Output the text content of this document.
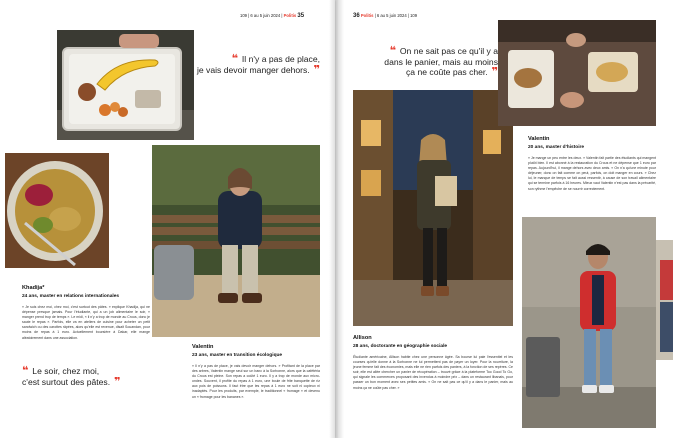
109 | 6 au 5 juin 2024 | Politis 35
❝ Il n'y a pas de place,
je vais devoir manger dehors. ❞
Khadija*
24 ans, master en relations internationales
« Je suis chez moi, chez moi, c'est surtout des pâtes. » explique Khadija, qui ne dépense presque jamais. Pour l'étudiante, qui a un job alimentaire le soir, « manger prend trop de temps ». Le midi, « il n'y a trop de monde au Crous, donc je saute le repas ». Parfois, elle va en ateliers de cuisine pour acheter un petit sandwich ou des carottes râpées, alors qu'elle est revenue, disait Souandan, pour moins de repas à 1 euro. Actuellement boursière à Dakar, elle mange aléatoirement dans une association.
❝ Le soir, chez moi,
c'est surtout des pâtes. ❞
Valentin
23 ans, master en transition écologique
« Il n'y a pas de place, je vais devoir manger dehors. » Profitant de la place par des arbres, Valentin mange seul sur un banc à la Sorbonne, alors que la cafétéria du Crous est pleine. Son repas a coûté 1 euro. Il y a trop de monde aux micro-ondes. Souvent, il profite du repas à 1 euro, une boule de frite banquette de riz aux pois de poissons. Il faut être que les repas à 1 euro ne soit ni copieux ni inadaptés. Pour les produits, par exemple, le traditionnel « fromage » et devenu un « fromage pour les bananes ».
36 Politis | 6 au 5 juin 2024 | 109
❝ On ne sait pas ce qu'il y a
dans le panier, mais au moins
ça ne coûte pas cher. ❞
Valentin
20 ans, master d'histoire
« Je mange un peu entre les deux. » Valentin fait partie des étudiants qui mangent plutôt bien. Il est abonné à la restauration du Crous et ne dépense que 1 euro par repas. Aujourd'hui, il mange dehors avec deux amis. « On n'a qu'une minute pour déjeuner, donc on fait comme on peut, parfois, on doit manger en cours. » Chez lui, le manque de temps se fait aussi ressentir, à cause de son travail alimentaire qui se termine parfois à 16 heures. Mieux vaut Valentin n'est pas dans la précarité, son rythme l'empêche de se nourrir correctement.
Allison
28 ans, doctorante en géographie sociale
Étudiante américaine, Allison habite chez une personne âgée. Sa bourse lui paie l'essentiel et les courses qu'elle donne à la Sorbonne ne lui permettent pas de payer un loyer. Pour la nourriture, la jeune femme fait des économies, mais elle ne rien parfois des paniers, à la fonction de ses repères. Ce soir, elle est allée chercher un panier de récupération – trouvé grâce à la plateforme Too Good To Go, qui signale les commerces proposant des invendus à moindre prix – dans un restaurant libanais, pour passer un bon moment avec ses petites amis. « On ne sait pas ce qu'il y a dans le panier, mais au moins ça ne coûte pas cher. »
